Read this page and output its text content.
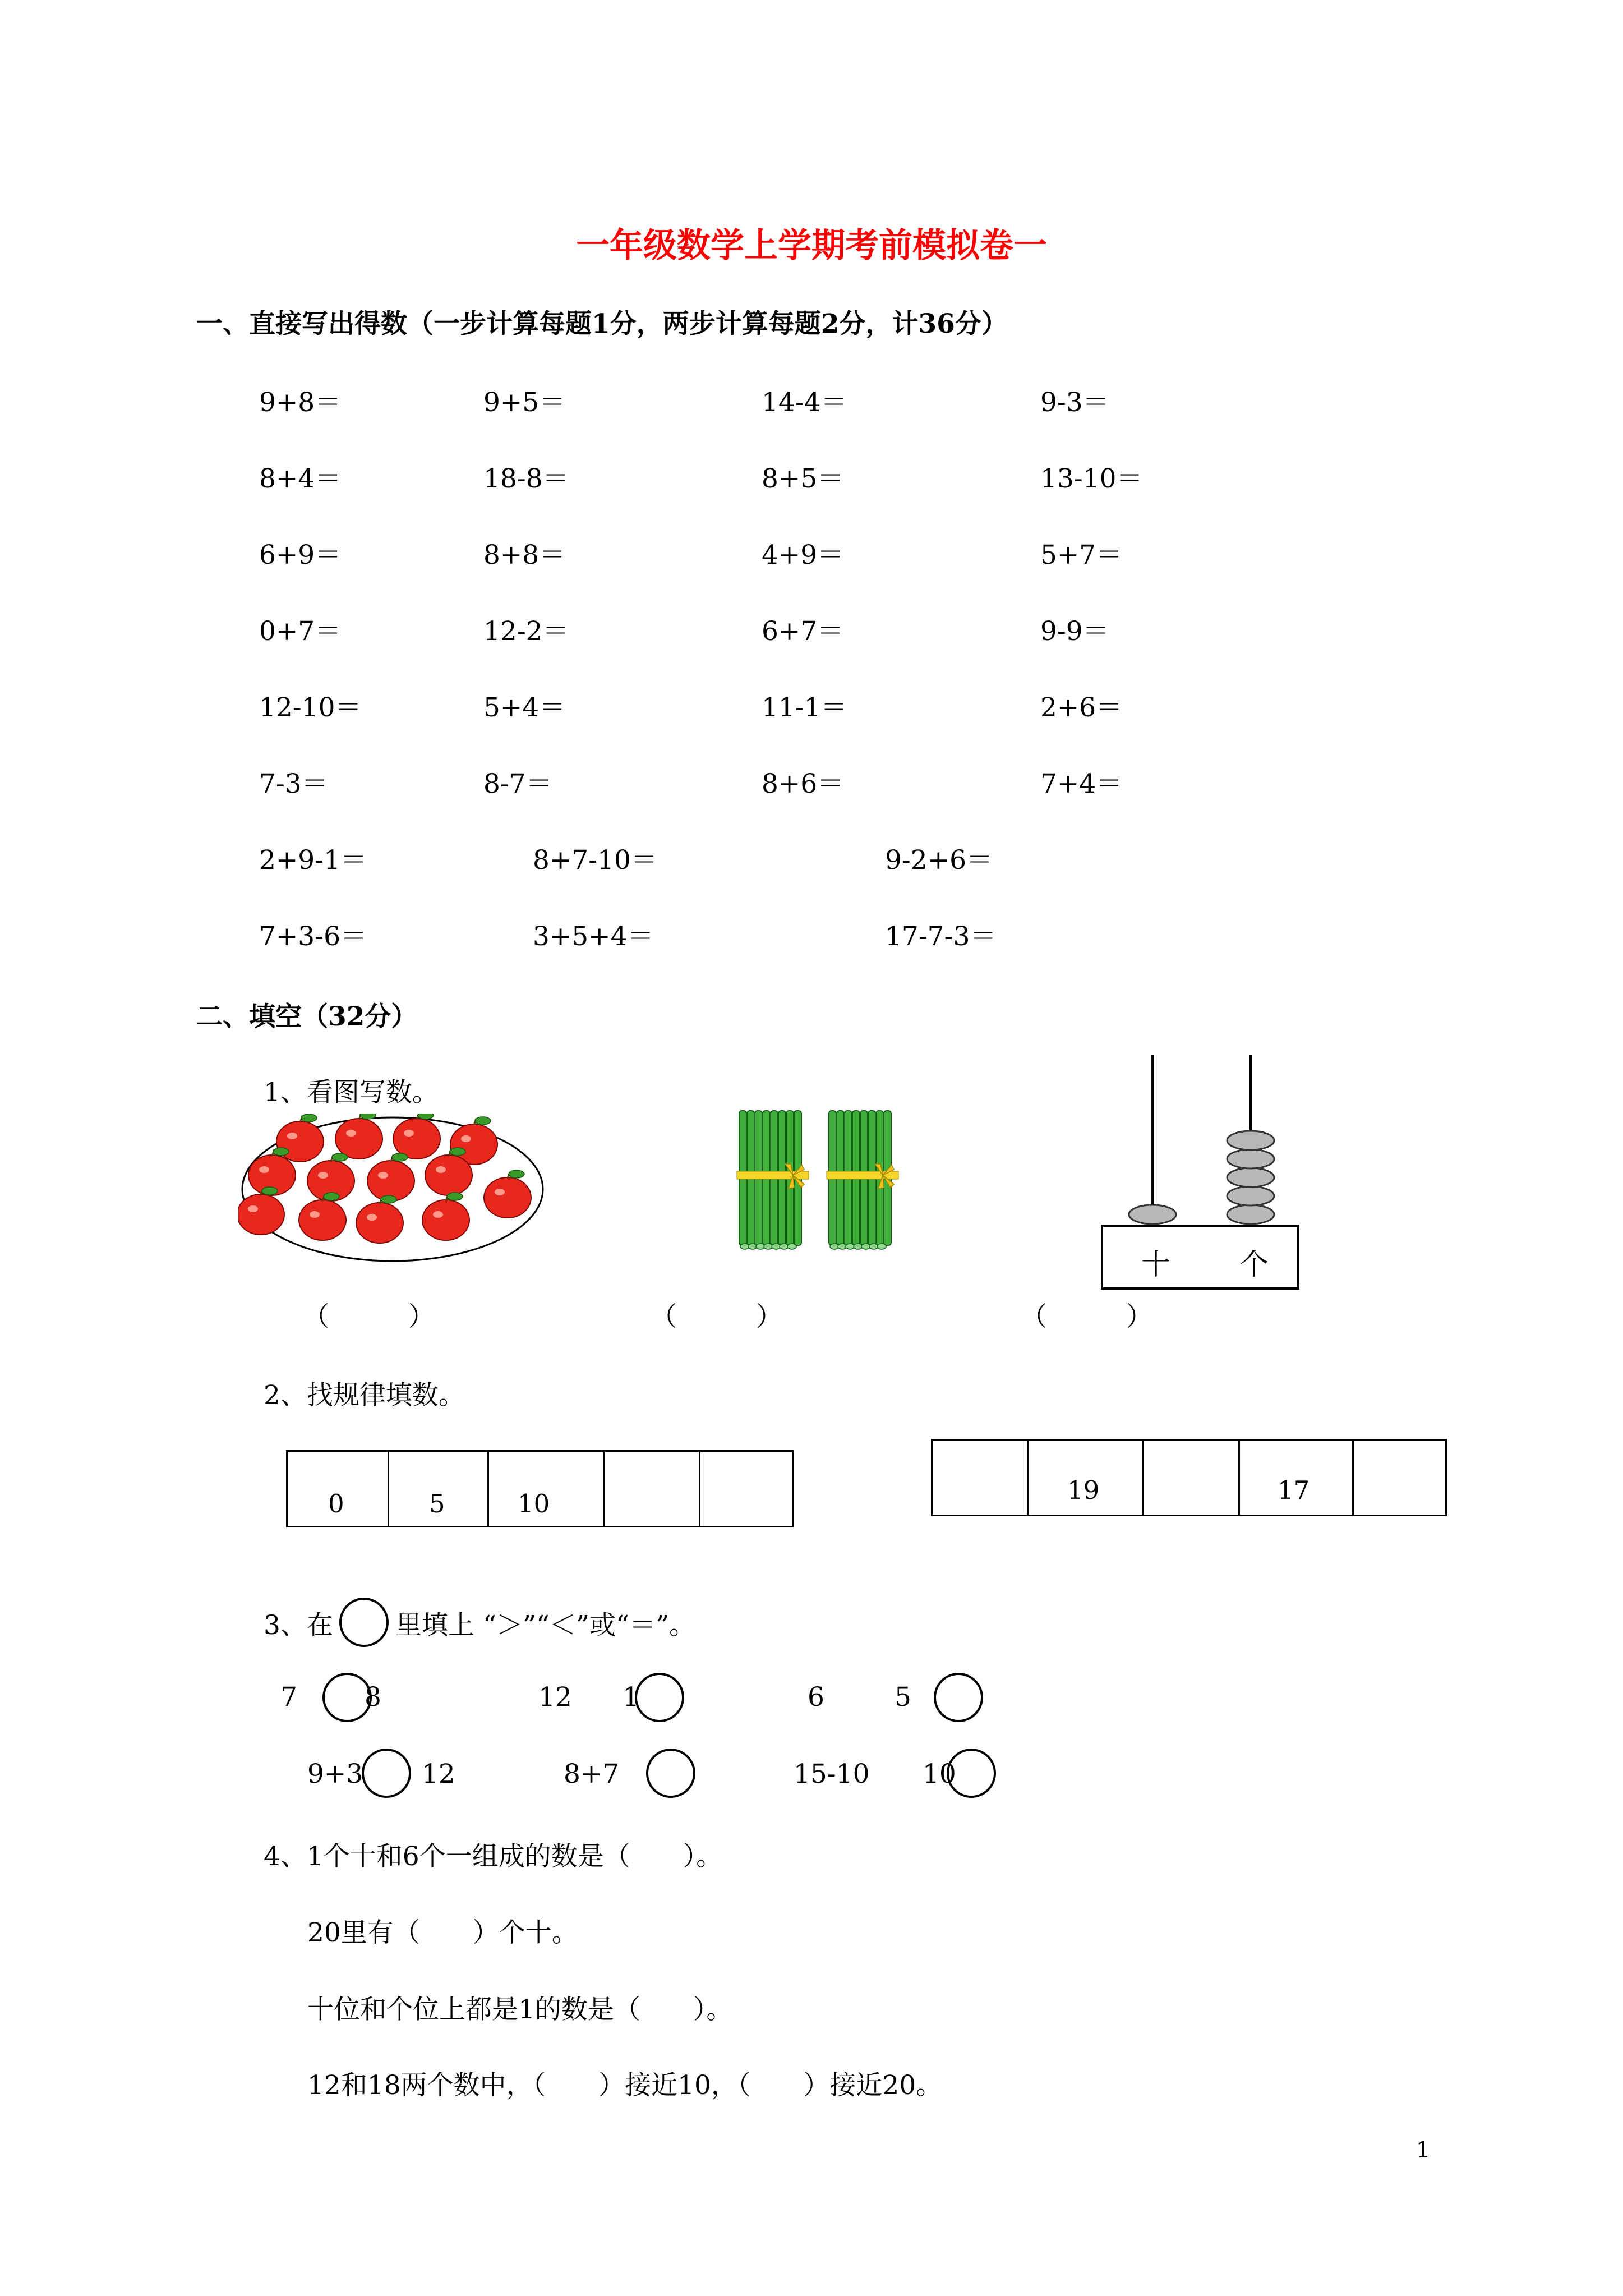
一年级数学上学期考前模拟卷一
一、直接写出得数（一步计算每题1分，两步计算每题2分，计36分）
9+8＝	9+5＝	14-4＝	9-3＝
8+4＝	18-8＝	8+5＝	13-10＝
6+9＝	8+8＝	4+9＝	5+7＝
0+7＝	12-2＝	6+7＝	9-9＝
12-10＝	5+4＝	11-1＝	2+6＝
7-3＝	8-7＝	8+6＝	7+4＝
2+9-1＝	8+7-10＝	9-2+6＝
7+3-6＝	3+5+4＝	17-7-3＝
二、填空（32分）
1、看图写数。
十 个
（　　　）	（　　　）	（　　　）
2、找规律填数。
0	5	10	19	17
3、在 里填上 “＞”“＜”或“＝”。
7	8	12 1	6	5
9+3 12	8+7	15-10 10
4、1个十和6个一组成的数是（　　）。
20里有（　　）个十。
十位和个位上都是1的数是（　　）。
12和18两个数中，（　　）接近10，（　　）接近20。
1
